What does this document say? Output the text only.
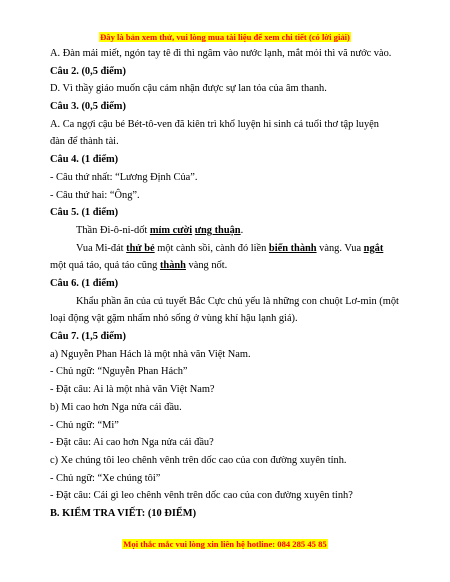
Đây là bản xem thử, vui lòng mua tài liệu để xem chi tiết (có lời giải)
A. Đàn mải miết, ngón tay tê đi thì ngâm vào nước lạnh, mắt mỏi thì vã nước vào.
Câu 2. (0,5 điểm)
D. Vì thầy giáo muốn cậu cảm nhận được sự lan tỏa của âm thanh.
Câu 3. (0,5 điểm)
A. Ca ngợi cậu bé Bét-tô-ven đã kiên trì khổ luyện hi sinh cả tuổi thơ tập luyện
đàn để thành tài.
Câu 4. (1 điểm)
- Câu thứ nhất: “Lương Định Của”.
- Câu thứ hai: “Ông”.
Câu 5. (1 điểm)
Thần Đi-ô-ni-dốt mỉm cười ưng thuận.
Vua Mi-đát thử bẻ một cành sồi, cành đó liền biến thành vàng. Vua ngắt một quả táo, quả táo cũng thành vàng nốt.
Câu 6. (1 điểm)
Khẩu phần ăn của cú tuyết Bắc Cực chủ yếu là những con chuột Lơ-min (một loại động vật gặm nhấm nhỏ sống ở vùng khí hậu lạnh giá).
Câu 7. (1,5 điểm)
a) Nguyễn Phan Hách là một nhà văn Việt Nam.
- Chủ ngữ: “Nguyễn Phan Hách”
- Đặt câu: Ai là một nhà văn Việt Nam?
b) Mi cao hơn Nga nửa cái đầu.
- Chủ ngữ: “Mi”
- Đặt câu: Ai cao hơn Nga nửa cái đầu?
c) Xe chúng tôi leo chênh vênh trên dốc cao của con đường xuyên tỉnh.
- Chủ ngữ: “Xe chúng tôi”
- Đặt câu: Cái gì leo chênh vênh trên dốc cao của con đường xuyên tỉnh?
B. KIỂM TRA VIẾT: (10 ĐIỂM)
Mọi thắc mắc vui lòng xin liên hệ hotline: 084 285 45 85
